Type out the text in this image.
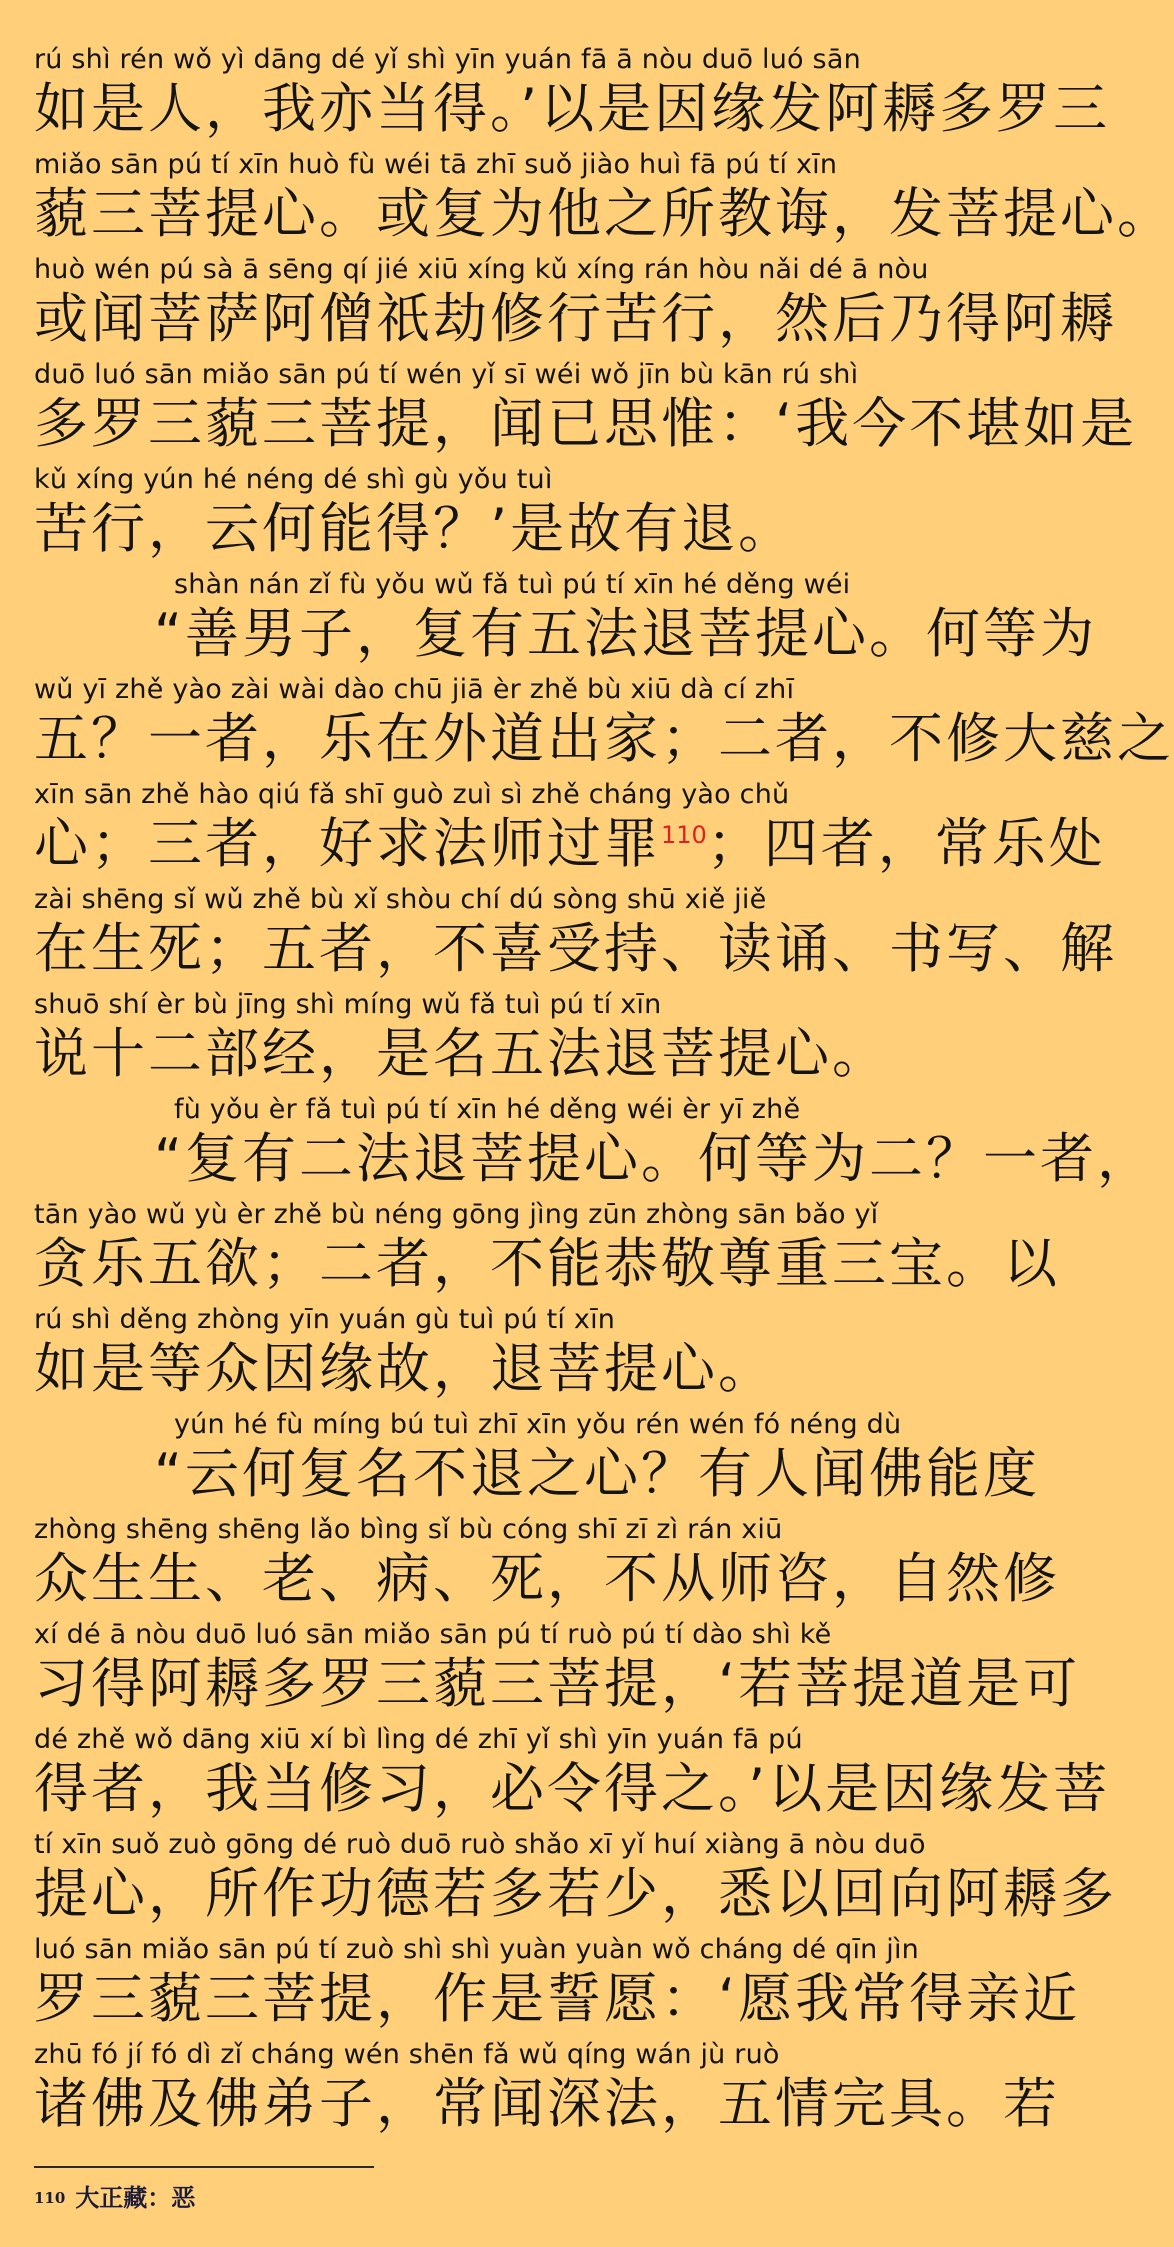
rú shì rén wǒ yì dāng dé yǐ shì yīn yuán fā ā nòu duō luó sān
如是人，我亦当得。’以是因缘发阿耨多罗三
miǎo sān pú tí xīn huò fù wéi tā zhī suǒ jiào huì fā pú tí xīn
藐三菩提心。或复为他之所教诲，发菩提心。
huò wén pú sà ā sēng qí jié xiū xíng kǔ xíng rán hòu nǎi dé ā nòu
或闻菩萨阿僧祇劫修行苦行，然后乃得阿耨
duō luó sān miǎo sān pú tí wén yǐ sī wéi wǒ jīn bù kān rú shì
多罗三藐三菩提，闻已思惟：‘我今不堪如是
kǔ xíng yún hé néng dé shì gù yǒu tuì
苦行，云何能得？’是故有退。
shàn nán zǐ fù yǒu wǔ fǎ tuì pú tí xīn hé děng wéi
“善男子，复有五法退菩提心。何等为
wǔ yī zhě yào zài wài dào chū jiā èr zhě bù xiū dà cí zhī
五？一者，乐在外道出家；二者，不修大慈之
xīn sān zhě hào qiú fǎ shī guò zuì sì zhě cháng yào chǔ
心；三者，好求法师过罪$^{110}$；四者，常乐处
zài shēng sǐ wǔ zhě bù xǐ shòu chí dú sòng shū xiě jiě
在生死；五者，不喜受持、读诵、书写、解
shuō shí èr bù jīng shì míng wǔ fǎ tuì pú tí xīn
说十二部经，是名五法退菩提心。
fù yǒu èr fǎ tuì pú tí xīn hé děng wéi èr yī zhě
“复有二法退菩提心。何等为二？一者，
tān yào wǔ yù èr zhě bù néng gōng jìng zūn zhòng sān bǎo yǐ
贪乐五欲；二者，不能恭敬尊重三宝。以
rú shì děng zhòng yīn yuán gù tuì pú tí xīn
如是等众因缘故，退菩提心。
yún hé fù míng bú tuì zhī xīn yǒu rén wén fó néng dù
“云何复名不退之心？有人闻佛能度
zhòng shēng shēng lǎo bìng sǐ bù cóng shī zī zì rán xiū
众生生、老、病、死，不从师咨，自然修
xí dé ā nòu duō luó sān miǎo sān pú tí ruò pú tí dào shì kě
习得阿耨多罗三藐三菩提，‘若菩提道是可
dé zhě wǒ dāng xiū xí bì lìng dé zhī yǐ shì yīn yuán fā pú
得者，我当修习，必令得之。’以是因缘发菩
tí xīn suǒ zuò gōng dé ruò duō ruò shǎo xī yǐ huí xiàng ā nòu duō
提心，所作功德若多若少，悉以回向阿耨多
luó sān miǎo sān pú tí zuò shì shì yuàn yuàn wǒ cháng dé qīn jìn
罗三藐三菩提，作是誓愿：‘愿我常得亲近
zhū fó jí fó dì zǐ cháng wén shēn fǎ wǔ qíng wán jù ruò
诸佛及佛弟子，常闻深法，五情完具。若
$^{110}$ 大正藏：恶
